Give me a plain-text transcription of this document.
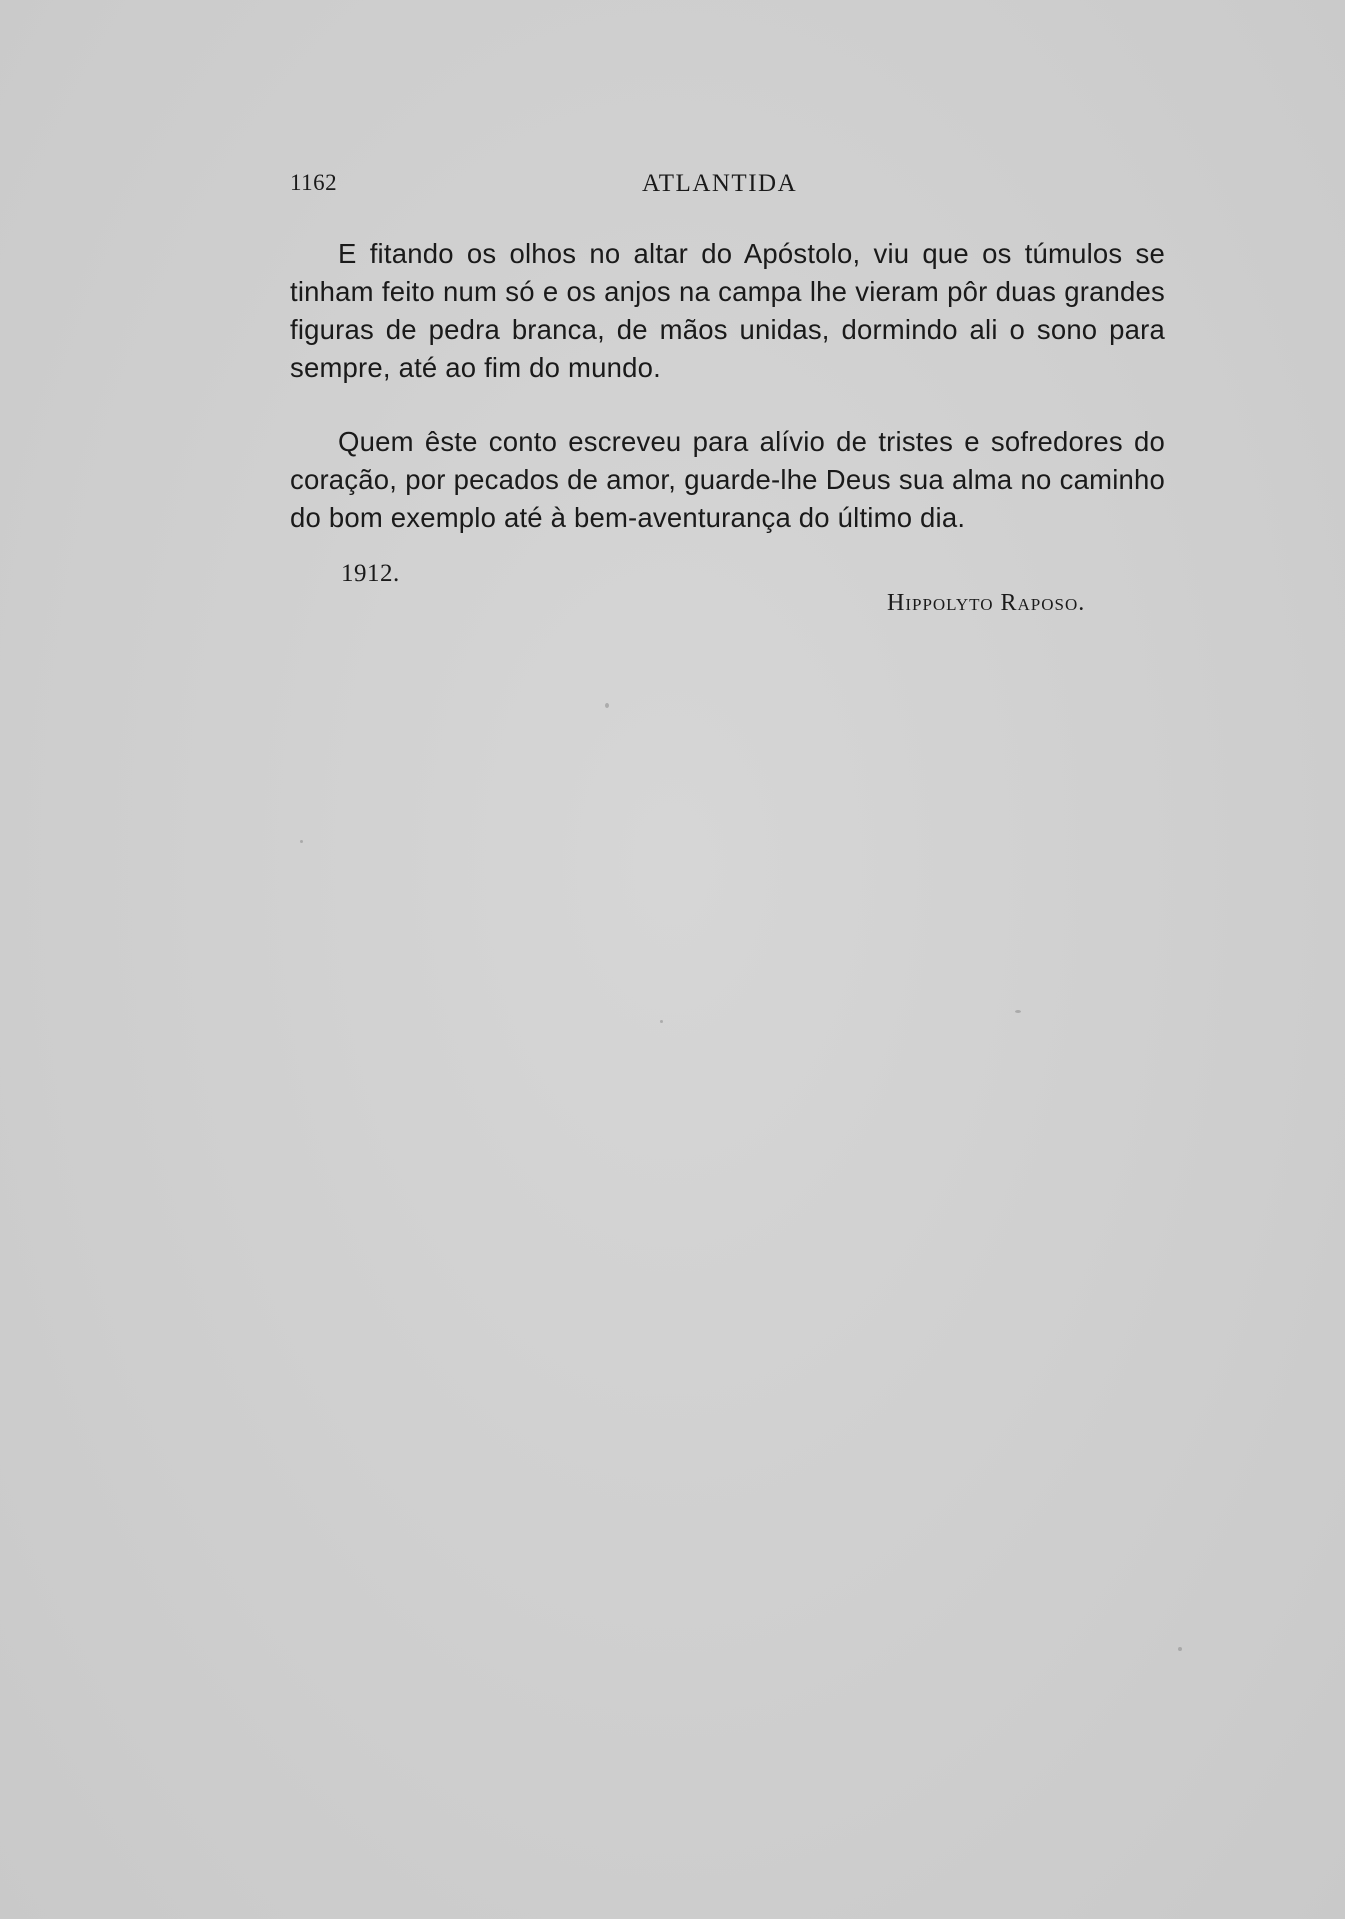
1162	ATLANTIDA

E fitando os olhos no altar do Apóstolo, viu que os túmulos se tinham feito num só e os anjos na campa lhe vieram pôr duas grandes figuras de pedra branca, de mãos unidas, dormindo ali o sono para sempre, até ao fim do mundo.

Quem êste conto escreveu para alívio de tristes e sofredores do coração, por pecados de amor, guarde-lhe Deus sua alma no caminho do bom exemplo até à bem-aventurança do último dia.

1912.
Hippolyto Raposo.
